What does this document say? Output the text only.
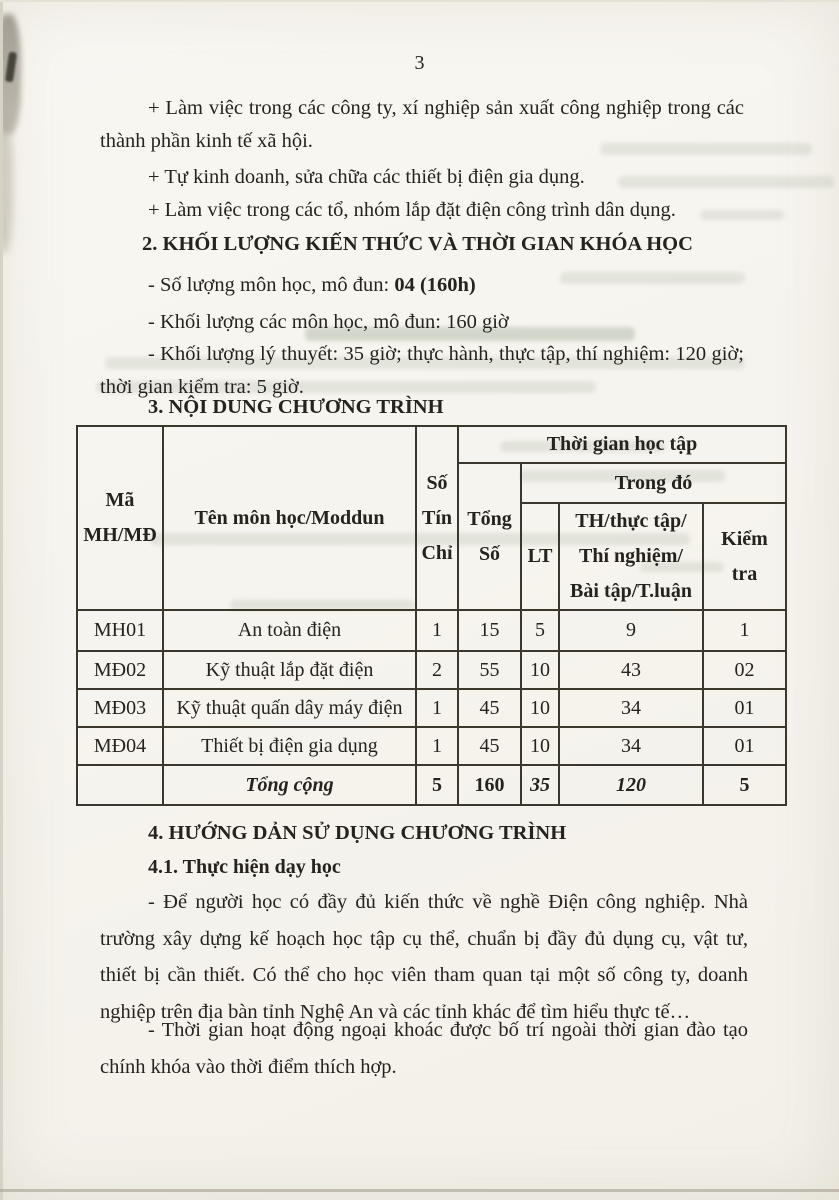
3
+ Làm việc trong các công ty, xí nghiệp sản xuất công nghiệp trong các thành phần kinh tế xã hội.
+ Tự kinh doanh, sửa chữa các thiết bị điện gia dụng.
+ Làm việc trong các tổ, nhóm lắp đặt điện công trình dân dụng.
2. KHỐI LƯỢNG KIẾN THỨC VÀ THỜI GIAN KHÓA HỌC
- Số lượng môn học, mô đun: 04 (160h)
- Khối lượng các môn học, mô đun: 160 giờ
- Khối lượng lý thuyết: 35 giờ; thực hành, thực tập, thí nghiệm: 120 giờ; thời gian kiểm tra: 5 giờ.
3. NỘI DUNG CHƯƠNG TRÌNH
Mã MH/MĐ	Tên môn học/Moddun	Số Tín Chỉ	Thời gian học tập			
			Tổng Số	Trong đó		
				LT	TH/thực tập/ Thí nghiệm/ Bài tập/T.luận	Kiểm tra
MH01	An toàn điện	1	15	5	9	1
MĐ02	Kỹ thuật lắp đặt điện	2	55	10	43	02
MĐ03	Kỹ thuật quấn dây máy điện	1	45	10	34	01
MĐ04	Thiết bị điện gia dụng	1	45	10	34	01
	Tổng cộng	5	160	35	120	5
4. HƯỚNG DẢN SỬ DỤNG CHƯƠNG TRÌNH
4.1. Thực hiện dạy học
- Để người học có đầy đủ kiến thức về nghề Điện công nghiệp. Nhà trường xây dựng kế hoạch học tập cụ thể, chuẩn bị đầy đủ dụng cụ, vật tư, thiết bị cần thiết. Có thể cho học viên tham quan tại một số công ty, doanh nghiệp trên địa bàn tỉnh Nghệ An và các tỉnh khác để tìm hiểu thực tế…
- Thời gian hoạt động ngoại khoác được bố trí ngoài thời gian đào tạo chính khóa vào thời điểm thích hợp.
